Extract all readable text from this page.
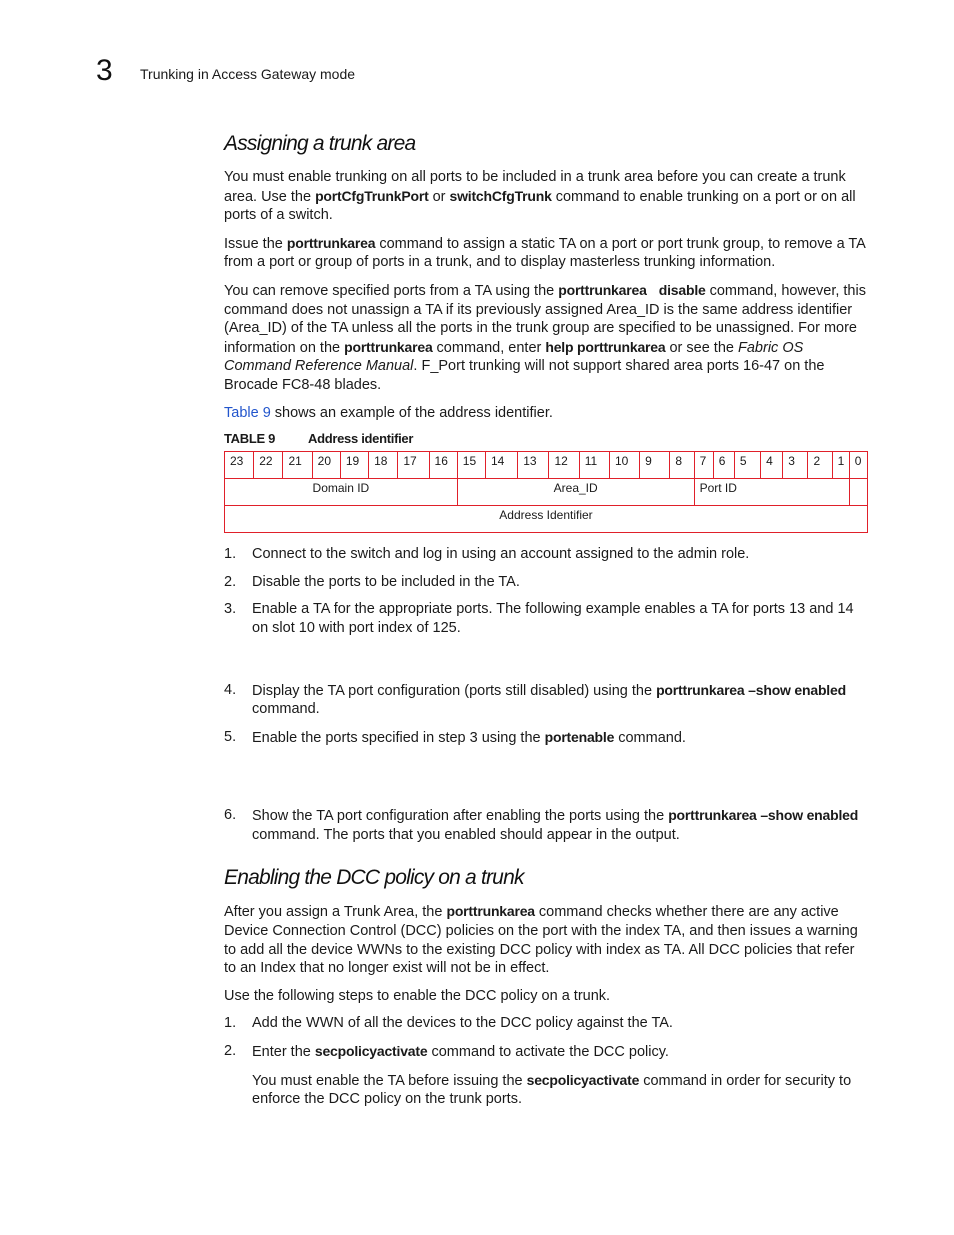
3 Trunking in Access Gateway mode
Assigning a trunk area

You must enable trunking on all ports to be included in a trunk area before you can create a trunk area. Use the portCfgTrunkPort or switchCfgTrunk command to enable trunking on a port or on all ports of a switch.

Issue the porttrunkarea command to assign a static TA on a port or port trunk group, to remove a TA from a port or group of ports in a trunk, and to display masterless trunking information.

You can remove specified ports from a TA using the porttrunkarea disable command, however, this command does not unassign a TA if its previously assigned Area_ID is the same address identifier (Area_ID) of the TA unless all the ports in the trunk group are specified to be unassigned. For more information on the porttrunkarea command, enter help porttrunkarea or see the Fabric OS Command Reference Manual. F_Port trunking will not support shared area ports 16-47 on the Brocade FC8-48 blades.

Table 9 shows an example of the address identifier.

TABLE 9	Address identifier
23	22	21	20	19	18	17	16	15	14	13	12	11	10	9	8	7	6	5	4	3	2	1	0
Domain ID								Area_ID								Port ID							
Address Identifier																							
1. Connect to the switch and log in using an account assigned to the admin role.
2. Disable the ports to be included in the TA.
3. Enable a TA for the appropriate ports. The following example enables a TA for ports 13 and 14 on slot 10 with port index of 125.
4. Display the TA port configuration (ports still disabled) using the porttrunkarea –show enabled command.
5. Enable the ports specified in step 3 using the portenable command.
6. Show the TA port configuration after enabling the ports using the porttrunkarea –show enabled command. The ports that you enabled should appear in the output.
Enabling the DCC policy on a trunk

After you assign a Trunk Area, the porttrunkarea command checks whether there are any active Device Connection Control (DCC) policies on the port with the index TA, and then issues a warning to add all the device WWNs to the existing DCC policy with index as TA. All DCC policies that refer to an Index that no longer exist will not be in effect.

Use the following steps to enable the DCC policy on a trunk.

1. Add the WWN of all the devices to the DCC policy against the TA.
2. Enter the secpolicyactivate command to activate the DCC policy.

You must enable the TA before issuing the secpolicyactivate command in order for security to enforce the DCC policy on the trunk ports.
